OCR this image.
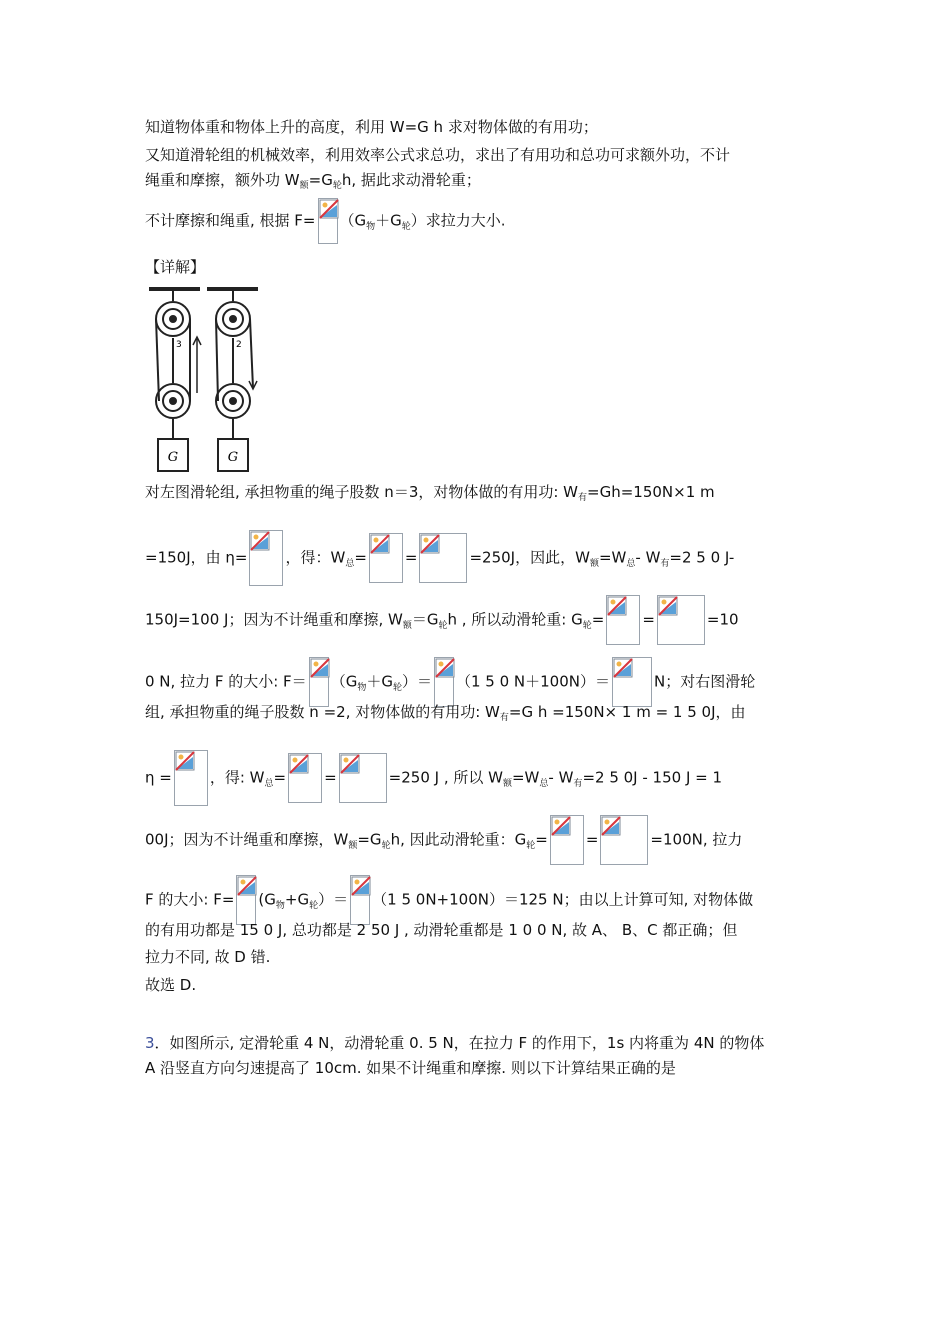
知道物体重和物体上升的高度，利用 W=G h 求对物体做的有用功；
又知道滑轮组的机械效率，利用效率公式求总功，求出了有用功和总功可求额外功，不计
绳重和摩擦，额外功 $W_额=G_轮h$, 据此求动滑轮重；
不计摩擦和绳重, 根据 $F= (G_物+G_轮)$求拉力大小.
【详解】
G	G
3	2
对左图滑轮组, 承担物重的绳子股数 n＝3，对物体做的有用功: $W_有=Gh=150N\times 1$ m
=150J，由 η=	，得：$W_总=$	=	=250J，因此，$W_额=W_总-$ $W_有=2$ 5 0 J-
150J=100 J；因为不计绳重和摩擦, $W_额=G_轮h$ , 所以动滑轮重: $G_轮=$	=	=10
0 N, 拉力 F 的大小: $F= (G_物+G_轮)= (1$ 5 0 N＋100N）＝	N；对右图滑轮
组, 承担物重的绳子股数 n =2, 对物体做的有用功: $W_有=G$ h =150N× 1 m = 1 5 0J，由
η =	，得: $W_总=$	=	=250 J , 所以 $W_额=W_总-$ $W_有=2$ 5 0J - 150 J = 1
00J；因为不计绳重和摩擦，$W_额=G_轮h$, 因此动滑轮重：$G_轮=$	=	=100N, 拉力
F 的大小: $F= (G_物+G_轮)= (1$ 5 0N+100N）＝125 N；由以上计算可知, 对物体做
的有用功都是 15 0 J, 总功都是 2 50 J , 动滑轮重都是 1 0 0 N, 故 A、 B、C 都正确；但
拉力不同, 故 D 错.
故选 D.
3．如图所示, 定滑轮重 4 N，动滑轮重 0. 5 N，在拉力 F 的作用下，1s 内将重为 4N 的物体
A 沿竖直方向匀速提高了 10cm. 如果不计绳重和摩擦. 则以下计算结果正确的是
